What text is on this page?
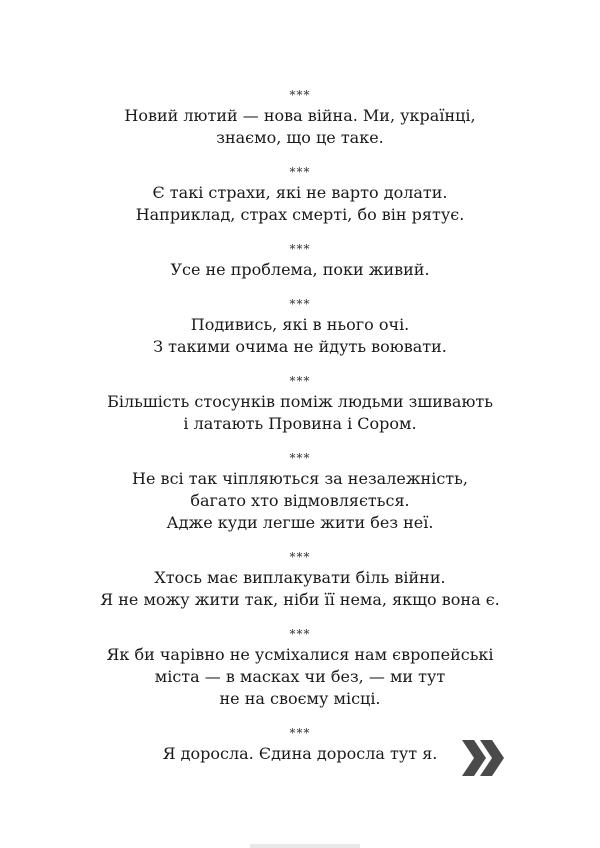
***
Новий лютий — нова війна. Ми, українці,
знаємо, що це таке.
***
Є такі страхи, які не варто долати.
Наприклад, страх смерті, бо він рятує.
***
Усе не проблема, поки живий.
***
Подивись, які в нього очі.
З такими очима не йдуть воювати.
***
Більшість стосунків поміж людьми зшивають
і латають Провина і Сором.
***
Не всі так чіпляються за незалежність,
багато хто відмовляється.
Адже куди легше жити без неї.
***
Хтось має виплакувати біль війни.
Я не можу жити так, ніби її нема, якщо вона є.
***
Як би чарівно не усміхалися нам європейські
міста — в масках чи без, — ми тут
не на своєму місці.
***
Я доросла. Єдина доросла тут я.
